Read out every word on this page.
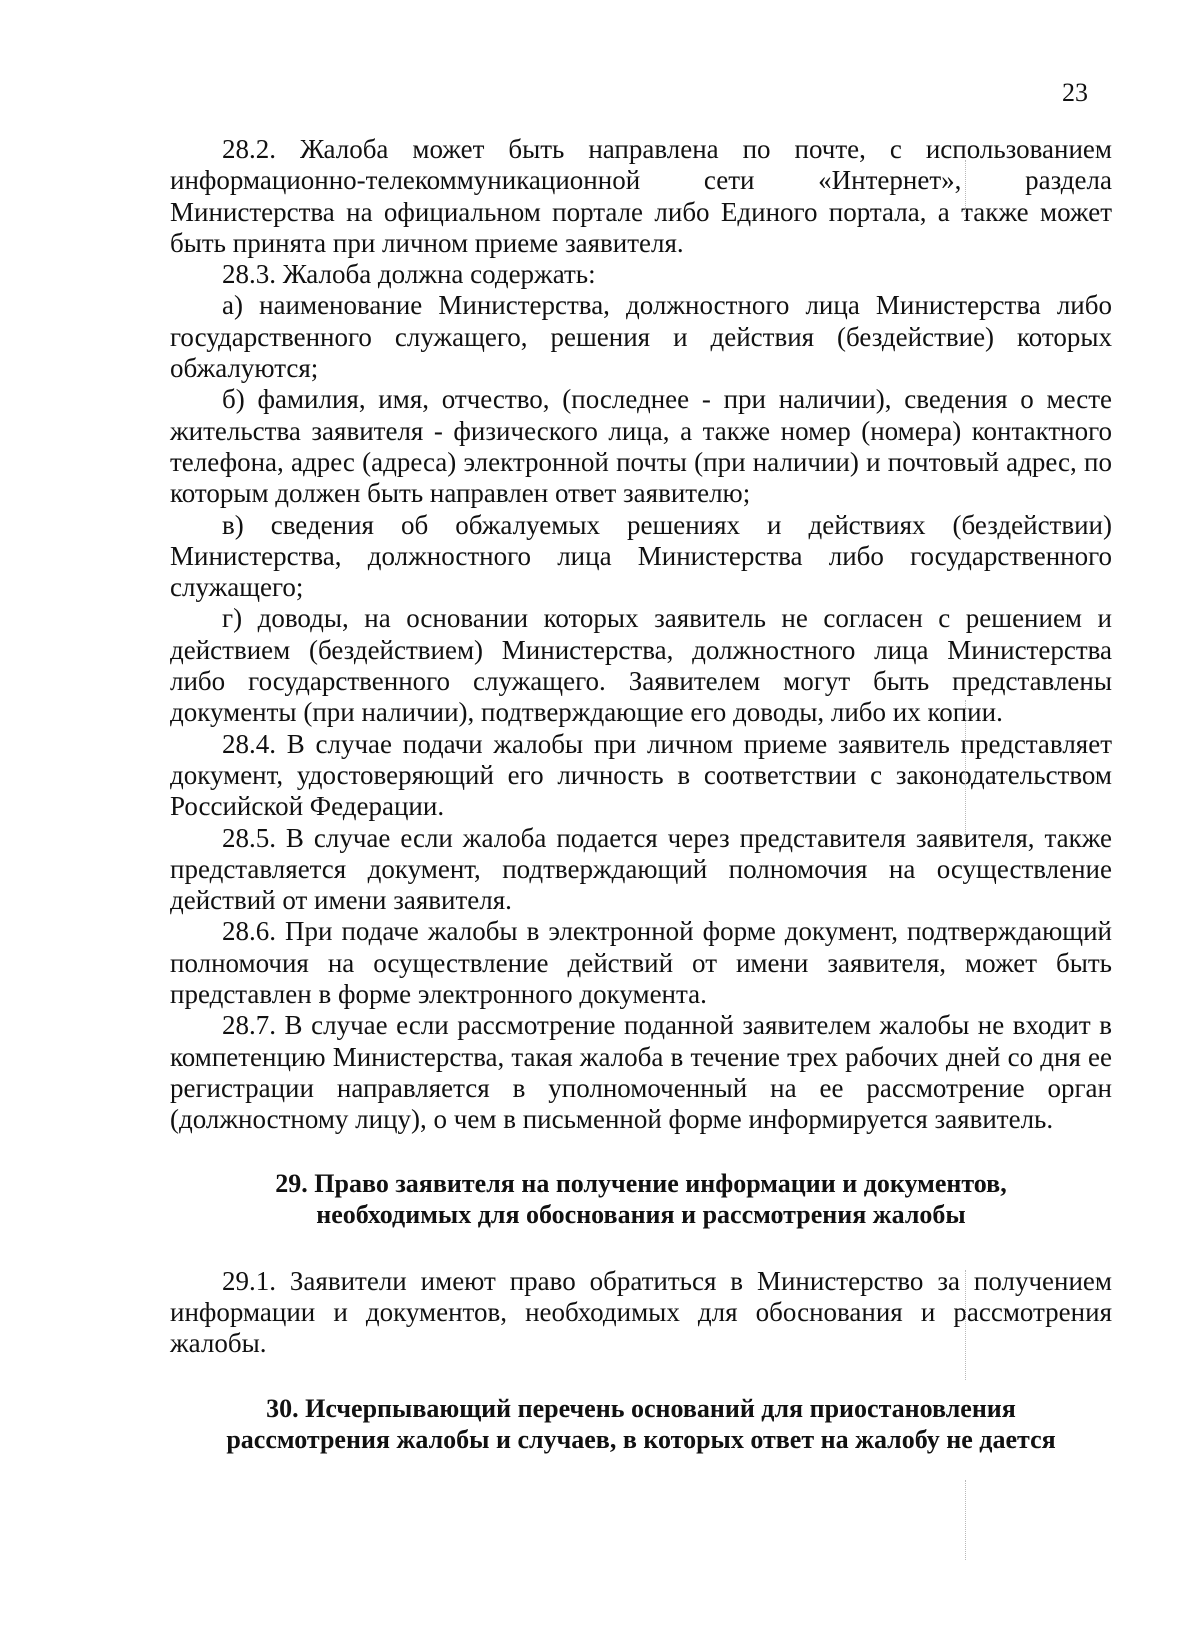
23

28.2. Жалоба может быть направлена по почте, с использованием информационно-телекоммуникационной сети «Интернет», раздела Министерства на официальном портале либо Единого портала, а также может быть принята при личном приеме заявителя.

28.3. Жалоба должна содержать:

а) наименование Министерства, должностного лица Министерства либо государственного служащего, решения и действия (бездействие) которых обжалуются;

б) фамилия, имя, отчество, (последнее - при наличии), сведения о месте жительства заявителя - физического лица, а также номер (номера) контактного телефона, адрес (адреса) электронной почты (при наличии) и почтовый адрес, по которым должен быть направлен ответ заявителю;

в) сведения об обжалуемых решениях и действиях (бездействии) Министерства, должностного лица Министерства либо государственного служащего;

г) доводы, на основании которых заявитель не согласен с решением и действием (бездействием) Министерства, должностного лица Министерства либо государственного служащего. Заявителем могут быть представлены документы (при наличии), подтверждающие его доводы, либо их копии.

28.4. В случае подачи жалобы при личном приеме заявитель представляет документ, удостоверяющий его личность в соответствии с законодательством Российской Федерации.

28.5. В случае если жалоба подается через представителя заявителя, также представляется документ, подтверждающий полномочия на осуществление действий от имени заявителя.

28.6. При подаче жалобы в электронной форме документ, подтверждающий полномочия на осуществление действий от имени заявителя, может быть представлен в форме электронного документа.

28.7. В случае если рассмотрение поданной заявителем жалобы не входит в компетенцию Министерства, такая жалоба в течение трех рабочих дней со дня ее регистрации направляется в уполномоченный на ее рассмотрение орган (должностному лицу), о чем в письменной форме информируется заявитель.

29. Право заявителя на получение информации и документов, необходимых для обоснования и рассмотрения жалобы

29.1. Заявители имеют право обратиться в Министерство за получением информации и документов, необходимых для обоснования и рассмотрения жалобы.

30. Исчерпывающий перечень оснований для приостановления рассмотрения жалобы и случаев, в которых ответ на жалобу не дается
